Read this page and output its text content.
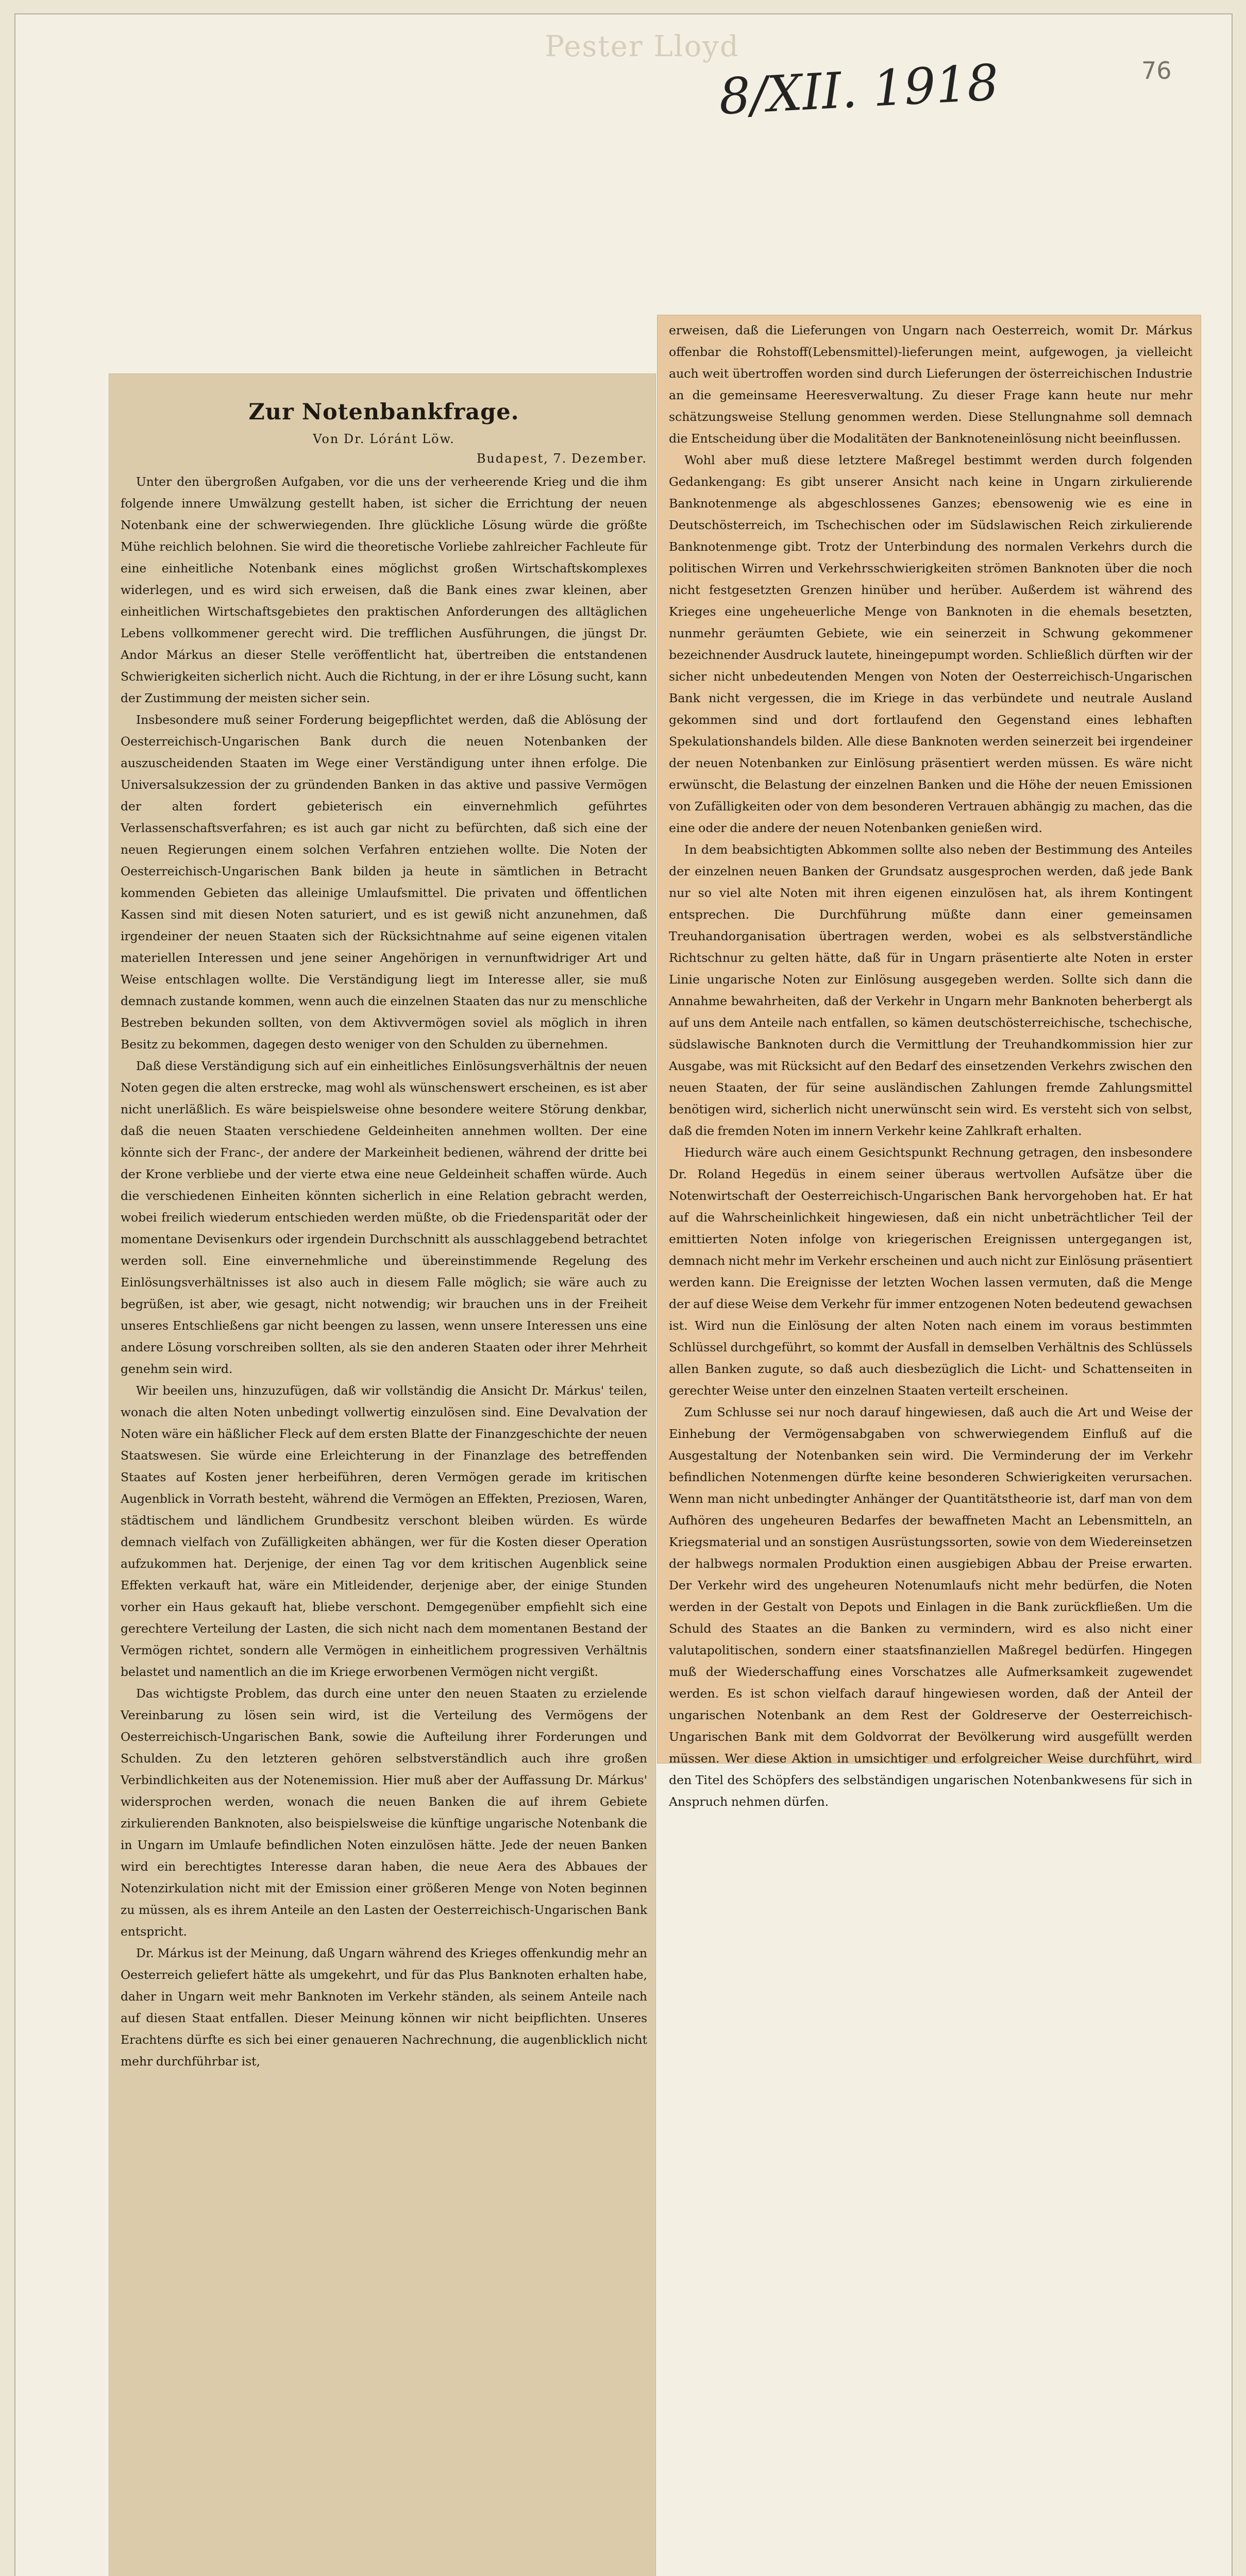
Pester Lloyd
8/XII. 1918	76
Zur Notenbankfrage.
Von Dr. Lóránt Löw.
Budapest, 7. Dezember.

Unter den übergroßen Aufgaben, vor die uns der verheerende Krieg und die ihm folgende innere Umwälzung gestellt haben, ist sicher die Errichtung der neuen Notenbank eine der schwerwiegenden. Ihre glückliche Lösung würde die größte Mühe reichlich belohnen. Sie wird die theoretische Vorliebe zahlreicher Fachleute für eine einheitliche Notenbank eines möglichst großen Wirtschaftskomplexes widerlegen, und es wird sich erweisen, daß die Bank eines zwar kleinen, aber einheitlichen Wirtschaftsgebietes den praktischen Anforderungen des alltäglichen Lebens vollkommener gerecht wird. Die trefflichen Ausführungen, die jüngst Dr. Andor Márkus an dieser Stelle veröffentlicht hat, übertreiben die entstandenen Schwierigkeiten sicherlich nicht. Auch die Richtung, in der er ihre Lösung sucht, kann der Zustimmung der meisten sicher sein.

Insbesondere muß seiner Forderung beigepflichtet werden, daß die Ablösung der Oesterreichisch-Ungarischen Bank durch die neuen Notenbanken der auszuscheidenden Staaten im Wege einer Verständigung unter ihnen erfolge. Die Universalsukzession der zu gründenden Banken in das aktive und passive Vermögen der alten fordert gebieterisch ein einvernehmlich geführtes Verlassenschaftsverfahren; es ist auch gar nicht zu befürchten, daß sich eine der neuen Regierungen einem solchen Verfahren entziehen wollte. Die Noten der Oesterreichisch-Ungarischen Bank bilden ja heute in sämtlichen in Betracht kommenden Gebieten das alleinige Umlaufsmittel. Die privaten und öffentlichen Kassen sind mit diesen Noten saturiert, und es ist gewiß nicht anzunehmen, daß irgendeiner der neuen Staaten sich der Rücksichtnahme auf seine eigenen vitalen materiellen Interessen und jene seiner Angehörigen in vernunftwidriger Art und Weise entschlagen wollte. Die Verständigung liegt im Interesse aller, sie muß demnach zustande kommen, wenn auch die einzelnen Staaten das nur zu menschliche Bestreben bekunden sollten, von dem Aktivvermögen soviel als möglich in ihren Besitz zu bekommen, dagegen desto weniger von den Schulden zu übernehmen.

Daß diese Verständigung sich auf ein einheitliches Einlösungsverhältnis der neuen Noten gegen die alten erstrecke, mag wohl als wünschenswert erscheinen, es ist aber nicht unerläßlich. Es wäre beispielsweise ohne besondere weitere Störung denkbar, daß die neuen Staaten verschiedene Geldeinheiten annehmen wollten. Der eine könnte sich der Franc-, der andere der Markeinheit bedienen, während der dritte bei der Krone verbliebe und der vierte etwa eine neue Geldeinheit schaffen würde. Auch die verschiedenen Einheiten könnten sicherlich in eine Relation gebracht werden, wobei freilich wiederum entschieden werden müßte, ob die Friedensparität oder der momentane Devisenkurs oder irgendein Durchschnitt als ausschlaggebend betrachtet werden soll. Eine einvernehmliche und übereinstimmende Regelung des Einlösungsverhältnisses ist also auch in diesem Falle möglich; sie wäre auch zu begrüßen, ist aber, wie gesagt, nicht notwendig; wir brauchen uns in der Freiheit unseres Entschließens gar nicht beengen zu lassen, wenn unsere Interessen uns eine andere Lösung vorschreiben sollten, als sie den anderen Staaten oder ihrer Mehrheit genehm sein wird.

Wir beeilen uns, hinzuzufügen, daß wir vollständig die Ansicht Dr. Márkus' teilen, wonach die alten Noten unbedingt vollwertig einzulösen sind. Eine Devalvation der Noten wäre ein häßlicher Fleck auf dem ersten Blatte der Finanzgeschichte der neuen Staatswesen. Sie würde eine Erleichterung in der Finanzlage des betreffenden Staates auf Kosten jener herbeiführen, deren Vermögen gerade im kritischen Augenblick in Vorrath besteht, während die Vermögen an Effekten, Preziosen, Waren, städtischem und ländlichem Grundbesitz verschont bleiben würden. Es würde demnach vielfach von Zufälligkeiten abhängen, wer für die Kosten dieser Operation aufzukommen hat. Derjenige, der einen Tag vor dem kritischen Augenblick seine Effekten verkauft hat, wäre ein Mitleidender, derjenige aber, der einige Stunden vorher ein Haus gekauft hat, bliebe verschont. Demgegenüber empfiehlt sich eine gerechtere Verteilung der Lasten, die sich nicht nach dem momentanen Bestand der Vermögen richtet, sondern alle Vermögen in einheitlichem progressiven Verhältnis belastet und namentlich an die im Kriege erworbenen Vermögen nicht vergißt.

Das wichtigste Problem, das durch eine unter den neuen Staaten zu erzielende Vereinbarung zu lösen sein wird, ist die Verteilung des Vermögens der Oesterreichisch-Ungarischen Bank, sowie die Aufteilung ihrer Forderungen und Schulden. Zu den letzteren gehören selbstverständlich auch ihre großen Verbindlichkeiten aus der Notenemission. Hier muß aber der Auffassung Dr. Márkus' widersprochen werden, wonach die neuen Banken die auf ihrem Gebiete zirkulierenden Banknoten, also beispielsweise die künftige ungarische Notenbank die in Ungarn im Umlaufe befindlichen Noten einzulösen hätte. Jede der neuen Banken wird ein berechtigtes Interesse daran haben, die neue Aera des Abbaues der Notenzirkulation nicht mit der Emission einer größeren Menge von Noten beginnen zu müssen, als es ihrem Anteile an den Lasten der Oesterreichisch-Ungarischen Bank entspricht.

Dr. Márkus ist der Meinung, daß Ungarn während des Krieges offenkundig mehr an Oesterreich geliefert hätte als umgekehrt, und für das Plus Banknoten erhalten habe, daher in Ungarn weit mehr Banknoten im Verkehr ständen, als seinem Anteile nach auf diesen Staat entfallen. Dieser Meinung können wir nicht beipflichten. Unseres Erachtens dürfte es sich bei einer genaueren Nachrechnung, die augenblicklich nicht mehr durchführbar ist,

erweisen, daß die Lieferungen von Ungarn nach Oesterreich, womit Dr. Márkus offenbar die Rohstoff(Lebensmittel)-lieferungen meint, aufgewogen, ja vielleicht auch weit übertroffen worden sind durch Lieferungen der österreichischen Industrie an die gemeinsame Heeresverwaltung. Zu dieser Frage kann heute nur mehr schätzungsweise Stellung genommen werden. Diese Stellungnahme soll demnach die Entscheidung über die Modalitäten der Banknoteneinlösung nicht beeinflussen.

Wohl aber muß diese letztere Maßregel bestimmt werden durch folgenden Gedankengang: Es gibt unserer Ansicht nach keine in Ungarn zirkulierende Banknotenmenge als abgeschlossenes Ganzes; ebensowenig wie es eine in Deutschösterreich, im Tschechischen oder im Südslawischen Reich zirkulierende Banknotenmenge gibt. Trotz der Unterbindung des normalen Verkehrs durch die politischen Wirren und Verkehrsschwierigkeiten strömen Banknoten über die noch nicht festgesetzten Grenzen hinüber und herüber. Außerdem ist während des Krieges eine ungeheuerliche Menge von Banknoten in die ehemals besetzten, nunmehr geräumten Gebiete, wie ein seinerzeit in Schwung gekommener bezeichnender Ausdruck lautete, hineingepumpt worden. Schließlich dürften wir der sicher nicht unbedeutenden Mengen von Noten der Oesterreichisch-Ungarischen Bank nicht vergessen, die im Kriege in das verbündete und neutrale Ausland gekommen sind und dort fortlaufend den Gegenstand eines lebhaften Spekulationshandels bilden. Alle diese Banknoten werden seinerzeit bei irgendeiner der neuen Notenbanken zur Einlösung präsentiert werden müssen. Es wäre nicht erwünscht, die Belastung der einzelnen Banken und die Höhe der neuen Emissionen von Zufälligkeiten oder von dem besonderen Vertrauen abhängig zu machen, das die eine oder die andere der neuen Notenbanken genießen wird.

In dem beabsichtigten Abkommen sollte also neben der Bestimmung des Anteiles der einzelnen neuen Banken der Grundsatz ausgesprochen werden, daß jede Bank nur so viel alte Noten mit ihren eigenen einzulösen hat, als ihrem Kontingent entsprechen. Die Durchführung müßte dann einer gemeinsamen Treuhandorganisation übertragen werden, wobei es als selbstverständliche Richtschnur zu gelten hätte, daß für in Ungarn präsentierte alte Noten in erster Linie ungarische Noten zur Einlösung ausgegeben werden. Sollte sich dann die Annahme bewahrheiten, daß der Verkehr in Ungarn mehr Banknoten beherbergt als auf uns dem Anteile nach entfallen, so kämen deutschösterreichische, tschechische, südslawische Banknoten durch die Vermittlung der Treuhandkommission hier zur Ausgabe, was mit Rücksicht auf den Bedarf des einsetzenden Verkehrs zwischen den neuen Staaten, der für seine ausländischen Zahlungen fremde Zahlungsmittel benötigen wird, sicherlich nicht unerwünscht sein wird. Es versteht sich von selbst, daß die fremden Noten im innern Verkehr keine Zahlkraft erhalten.

Hiedurch wäre auch einem Gesichtspunkt Rechnung getragen, den insbesondere Dr. Roland Hegedüs in einem seiner überaus wertvollen Aufsätze über die Notenwirtschaft der Oesterreichisch-Ungarischen Bank hervorgehoben hat. Er hat auf die Wahrscheinlichkeit hingewiesen, daß ein nicht unbeträchtlicher Teil der emittierten Noten infolge von kriegerischen Ereignissen untergegangen ist, demnach nicht mehr im Verkehr erscheinen und auch nicht zur Einlösung präsentiert werden kann. Die Ereignisse der letzten Wochen lassen vermuten, daß die Menge der auf diese Weise dem Verkehr für immer entzogenen Noten bedeutend gewachsen ist. Wird nun die Einlösung der alten Noten nach einem im voraus bestimmten Schlüssel durchgeführt, so kommt der Ausfall in demselben Verhältnis des Schlüssels allen Banken zugute, so daß auch diesbezüglich die Licht- und Schattenseiten in gerechter Weise unter den einzelnen Staaten verteilt erscheinen.

Zum Schlusse sei nur noch darauf hingewiesen, daß auch die Art und Weise der Einhebung der Vermögensabgaben von schwerwiegendem Einfluß auf die Ausgestaltung der Notenbanken sein wird. Die Verminderung der im Verkehr befindlichen Notenmengen dürfte keine besonderen Schwierigkeiten verursachen. Wenn man nicht unbedingter Anhänger der Quantitätstheorie ist, darf man von dem Aufhören des ungeheuren Bedarfes der bewaffneten Macht an Lebensmitteln, an Kriegsmaterial und an sonstigen Ausrüstungssorten, sowie von dem Wiedereinsetzen der halbwegs normalen Produktion einen ausgiebigen Abbau der Preise erwarten. Der Verkehr wird des ungeheuren Notenumlaufs nicht mehr bedürfen, die Noten werden in der Gestalt von Depots und Einlagen in die Bank zurückfließen. Um die Schuld des Staates an die Banken zu vermindern, wird es also nicht einer valutapolitischen, sondern einer staatsfinanziellen Maßregel bedürfen. Hingegen muß der Wiederschaffung eines Vorschatzes alle Aufmerksamkeit zugewendet werden. Es ist schon vielfach darauf hingewiesen worden, daß der Anteil der ungarischen Notenbank an dem Rest der Goldreserve der Oesterreichisch-Ungarischen Bank mit dem Goldvorrat der Bevölkerung wird ausgefüllt werden müssen. Wer diese Aktion in umsichtiger und erfolgreicher Weise durchführt, wird den Titel des Schöpfers des selbständigen ungarischen Notenbankwesens für sich in Anspruch nehmen dürfen.
